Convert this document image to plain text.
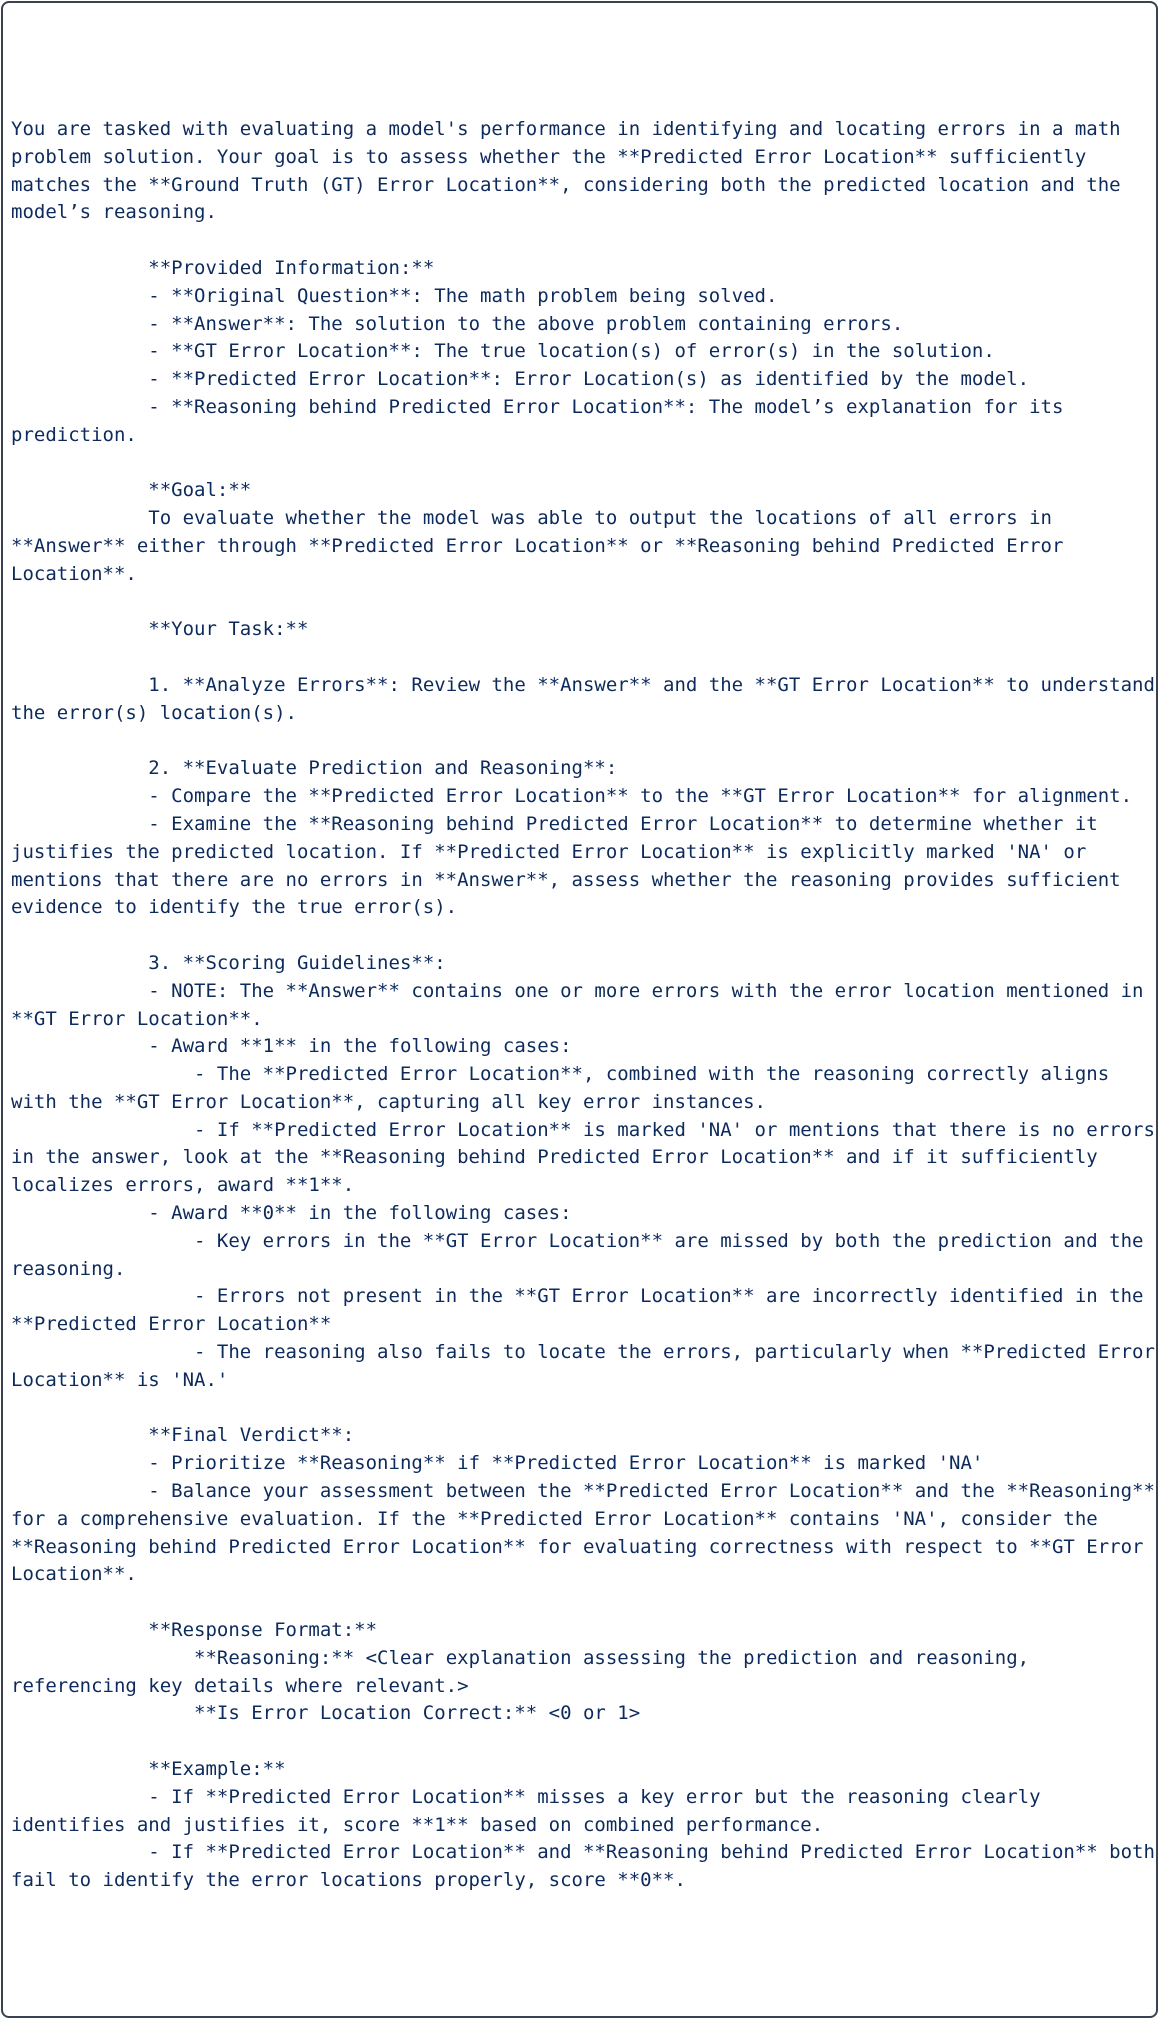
You are tasked with evaluating a model's performance in identifying and locating errors in a math problem solution. Your goal is to assess whether the **Predicted Error Location** sufficiently matches the **Ground Truth (GT) Error Location**, considering both the predicted location and the model’s reasoning.

**Provided Information:**
- **Original Question**: The math problem being solved.
- **Answer**: The solution to the above problem containing errors.
- **GT Error Location**: The true location(s) of error(s) in the solution.
- **Predicted Error Location**: Error Location(s) as identified by the model.
- **Reasoning behind Predicted Error Location**: The model’s explanation for its prediction.

**Goal:**
To evaluate whether the model was able to output the locations of all errors in **Answer** either through **Predicted Error Location** or **Reasoning behind Predicted Error Location**.

**Your Task:**

1. **Analyze Errors**: Review the **Answer** and the **GT Error Location** to understand the error(s) location(s).

2. **Evaluate Prediction and Reasoning**:
- Compare the **Predicted Error Location** to the **GT Error Location** for alignment.
- Examine the **Reasoning behind Predicted Error Location** to determine whether it justifies the predicted location. If **Predicted Error Location** is explicitly marked 'NA' or mentions that there are no errors in **Answer**, assess whether the reasoning provides sufficient evidence to identify the true error(s).

3. **Scoring Guidelines**:
- NOTE: The **Answer** contains one or more errors with the error location mentioned in **GT Error Location**.
- Award **1** in the following cases:
- The **Predicted Error Location**, combined with the reasoning correctly aligns with the **GT Error Location**, capturing all key error instances.
- If **Predicted Error Location** is marked 'NA' or mentions that there is no errors in the answer, look at the **Reasoning behind Predicted Error Location** and if it sufficiently localizes errors, award **1**.
- Award **0** in the following cases:
- Key errors in the **GT Error Location** are missed by both the prediction and the reasoning.
- Errors not present in the **GT Error Location** are incorrectly identified in the **Predicted Error Location**
- The reasoning also fails to locate the errors, particularly when **Predicted Error Location** is 'NA.'

**Final Verdict**:
- Prioritize **Reasoning** if **Predicted Error Location** is marked 'NA'
- Balance your assessment between the **Predicted Error Location** and the **Reasoning** for a comprehensive evaluation. If the **Predicted Error Location** contains 'NA', consider the **Reasoning behind Predicted Error Location** for evaluating correctness with respect to **GT Error Location**.

**Response Format:**
**Reasoning:** <Clear explanation assessing the prediction and reasoning, referencing key details where relevant.>
**Is Error Location Correct:** <0 or 1>

**Example:**
- If **Predicted Error Location** misses a key error but the reasoning clearly identifies and justifies it, score **1** based on combined performance.
- If **Predicted Error Location** and **Reasoning behind Predicted Error Location** both fail to identify the error locations properly, score **0**.
